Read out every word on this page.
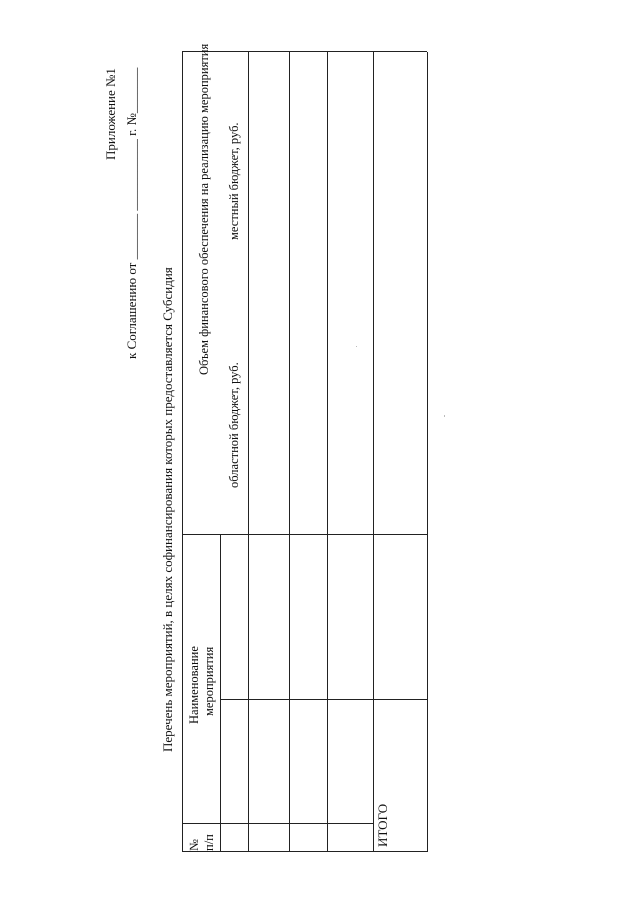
Приложение №1
к Соглашению от _______ ___________ г. №_______
Перечень мероприятий, в целях софинансирования которых предоставляется Субсидия
№ п/п
Наименование мероприятия
Объем финансового обеспечения на реализацию мероприятия
областной бюджет, руб.
местный бюджет, руб.
ИТОГО
